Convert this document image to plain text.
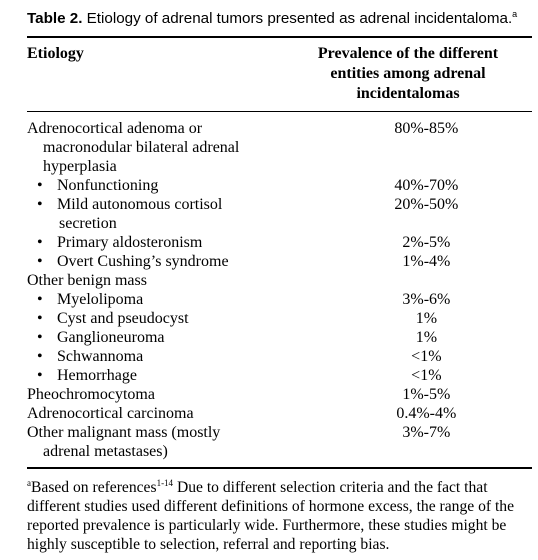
Table 2. Etiology of adrenal tumors presented as adrenal incidentaloma.$^a$
Etiology	Prevalence of the different
entities among adrenal
incidentalomas
Adrenocortical adenoma or	80%-85%
macronodular bilateral adrenal
hyperplasia
• Nonfunctioning	40%-70%
• Mild autonomous cortisol	20%-50%
secretion
• Primary aldosteronism	2%-5%
• Overt Cushing’s syndrome	1%-4%
Other benign mass
• Myelolipoma	3%-6%
• Cyst and pseudocyst	1%
• Ganglioneuroma	1%
• Schwannoma	<1%
• Hemorrhage	<1%
Pheochromocytoma	1%-5%
Adrenocortical carcinoma	0.4%-4%
Other malignant mass (mostly	3%-7%
adrenal metastases)
$^a$Based on references$^{1-14}$ Due to different selection criteria and the fact that
different studies used different definitions of hormone excess, the range of the
reported prevalence is particularly wide. Furthermore, these studies might be
highly susceptible to selection, referral and reporting bias.
